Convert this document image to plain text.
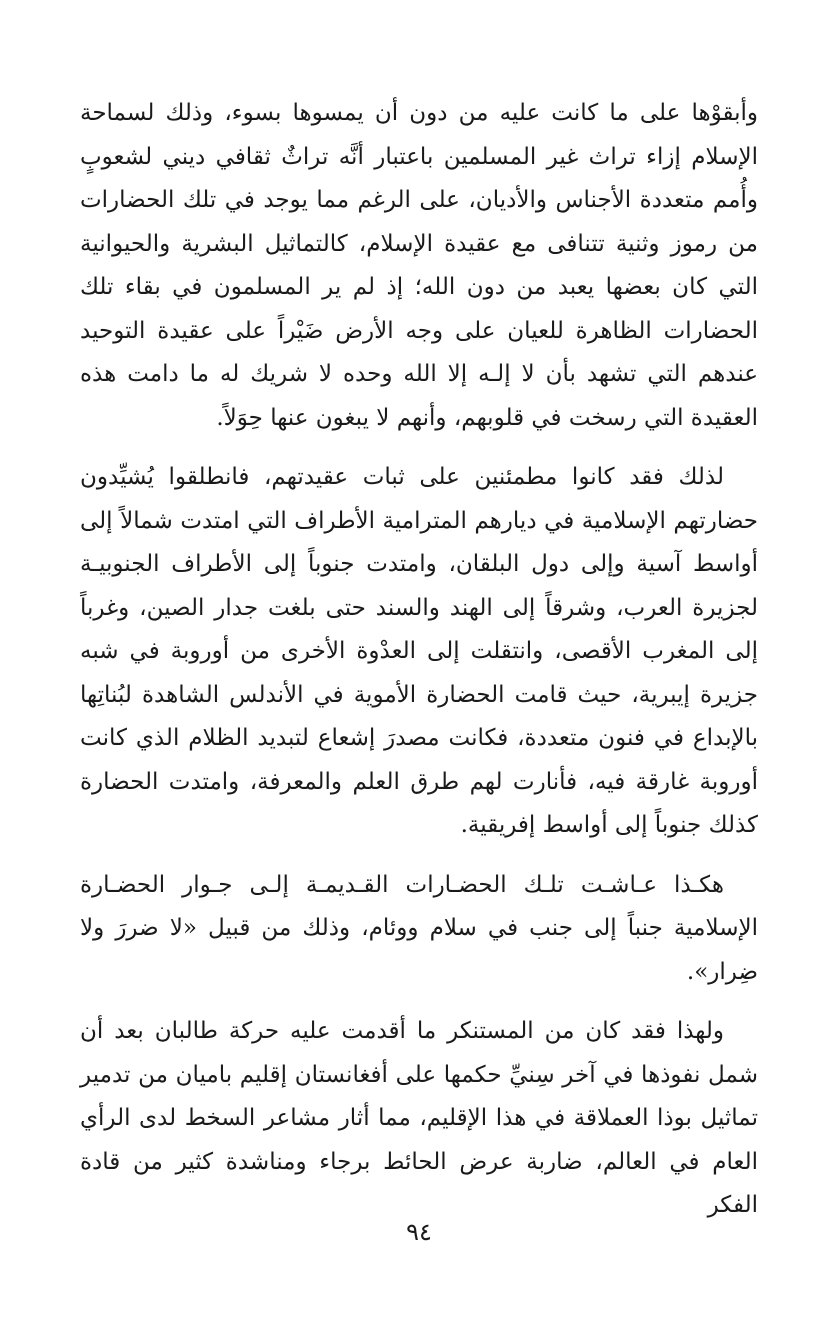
وأبقوْها على ما كانت عليه من دون أن يمسوها بسوء، وذلك لسماحة الإسلام إزاء تراث غير المسلمين باعتبار أنَّه تراثٌ ثقافي ديني لشعوبٍ وأُمم متعددة الأجناس والأديان، على الرغم مما يوجد في تلك الحضارات من رموز وثنية تتنافى مع عقيدة الإسلام، كالتماثيل البشرية والحيوانية التي كان بعضها يعبد من دون الله؛ إذ لم ير المسلمون في بقاء تلك الحضارات الظاهرة للعيان على وجه الأرض ضَيْراً على عقيدة التوحيد عندهم التي تشهد بأن لا إلـه إلا الله وحده لا شريك له ما دامت هذه العقيدة التي رسخت في قلوبهم، وأنهم لا يبغون عنها حِوَلاً.

لذلك فقد كانوا مطمئنين على ثبات عقيدتهم، فانطلقوا يُشيِّدون حضارتهم الإسلامية في ديارهم المترامية الأطراف التي امتدت شمالاً إلى أواسط آسية وإلى دول البلقان، وامتدت جنوباً إلى الأطراف الجنوبيـة لجزيرة العرب، وشرقاً إلى الهند والسند حتى بلغت جدار الصين، وغرباً إلى المغرب الأقصى، وانتقلت إلى العدْوة الأخرى من أوروبة في شبه جزيرة إيبرية، حيث قامت الحضارة الأموية في الأندلس الشاهدة لبُناتِها بالإبداع في فنون متعددة، فكانت مصدرَ إشعاع لتبديد الظلام الذي كانت أوروبة غارقة فيه، فأنارت لهم طرق العلم والمعرفة، وامتدت الحضارة كذلك جنوباً إلى أواسط إفريقية.

هكـذا عـاشـت تلـك الحضـارات القـديمـة إلـى جـوار الحضـارة الإسلامية جنباً إلى جنب في سلام ووئام، وذلك من قبيل «لا ضررَ ولا ضِرار».

ولهذا فقد كان من المستنكر ما أقدمت عليه حركة طالبان بعد أن شمل نفوذها في آخر سِنيِّ حكمها على أفغانستان إقليم باميان من تدمير تماثيل بوذا العملاقة في هذا الإقليم، مما أثار مشاعر السخط لدى الرأي العام في العالم، ضاربة عرض الحائط برجاء ومناشدة كثير من قادة الفكر

٩٤
